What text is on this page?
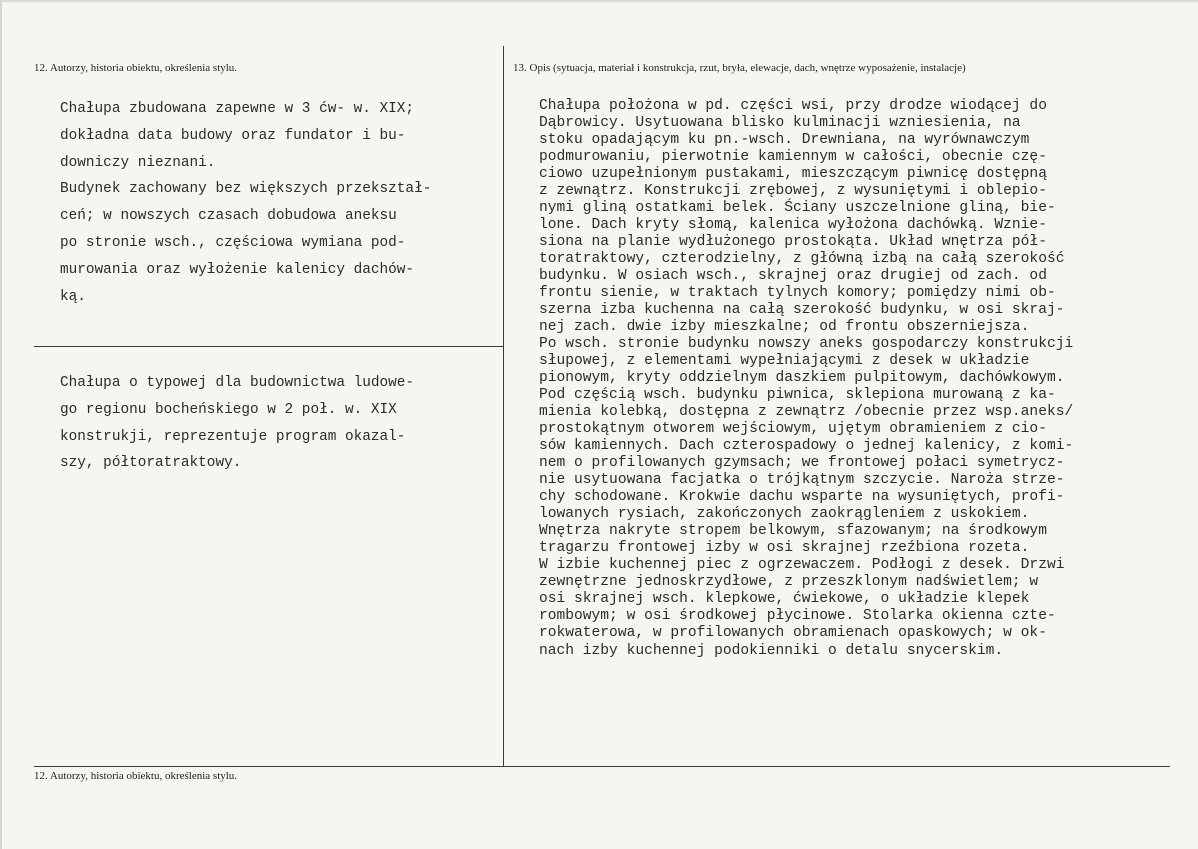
12. Autorzy, historia obiektu, określenia stylu.	13. Opis (sytuacja, materiał i konstrukcja, rzut, bryła, elewacje, dach, wnętrze wyposażenie, instalacje)
Chałupa zbudowana zapewne w 3 ćw- w. XIX;
dokładna data budowy oraz fundator i bu-
downiczy nieznani.
Budynek zachowany bez większych przekształ-
ceń; w nowszych czasach dobudowa aneksu
po stronie wsch., częściowa wymiana pod-
murowania oraz wyłożenie kalenicy dachów-
ką.
Chałupa o typowej dla budownictwa ludowe-
go regionu bocheńskiego w 2 poł. w. XIX
konstrukji, reprezentuje program okazal-
szy, półtoratraktowy.
Chałupa położona w pd. części wsi, przy drodze wiodącej do
Dąbrowicy. Usytuowana blisko kulminacji wzniesienia, na
stoku opadającym ku pn.-wsch. Drewniana, na wyrównawczym
podmurowaniu, pierwotnie kamiennym w całości, obecnie czę-
ciowo uzupełnionym pustakami, mieszczącym piwnicę dostępną
z zewnątrz. Konstrukcji zrębowej, z wysuniętymi i oblepio-
nymi gliną ostatkami belek. Ściany uszczelnione gliną, bie-
lone. Dach kryty słomą, kalenica wyłożona dachówką. Wznie-
siona na planie wydłużonego prostokąta. Układ wnętrza pół-
toratraktowy, czterodzielny, z główną izbą na całą szerokość
budynku. W osiach wsch., skrajnej oraz drugiej od zach. od
frontu sienie, w traktach tylnych komory; pomiędzy nimi ob-
szerna izba kuchenna na całą szerokość budynku, w osi skraj-
nej zach. dwie izby mieszkalne; od frontu obszerniejsza.
Po wsch. stronie budynku nowszy aneks gospodarczy konstrukcji
słupowej, z elementami wypełniającymi z desek w układzie
pionowym, kryty oddzielnym daszkiem pulpitowym, dachówkowym.
Pod częścią wsch. budynku piwnica, sklepiona murowaną z ka-
mienia kolebką, dostępna z zewnątrz /obecnie przez wsp.aneks/
prostokątnym otworem wejściowym, ujętym obramieniem z cio-
sów kamiennych. Dach czterospadowy o jednej kalenicy, z komi-
nem o profilowanych gzymsach; we frontowej połaci symetrycz-
nie usytuowana facjatka o trójkątnym szczycie. Naroża strze-
chy schodowane. Krokwie dachu wsparte na wysuniętych, profi-
lowanych rysiach, zakończonych zaokrągleniem z uskokiem.
Wnętrza nakryte stropem belkowym, sfazowanym; na środkowym
tragarzu frontowej izby w osi skrajnej rzeźbiona rozeta.
W izbie kuchennej piec z ogrzewaczem. Podłogi z desek. Drzwi
zewnętrzne jednoskrzydłowe, z przeszklonym nadświetlem; w
osi skrajnej wsch. klepkowe, ćwiekowe, o układzie klepek
rombowym; w osi środkowej płycinowe. Stolarka okienna czte-
rokwaterowa, w profilowanych obramienach opaskowych; w ok-
nach izby kuchennej podokienniki o detalu snycerskim.
12. Autorzy, historia obiektu, określenia stylu.
